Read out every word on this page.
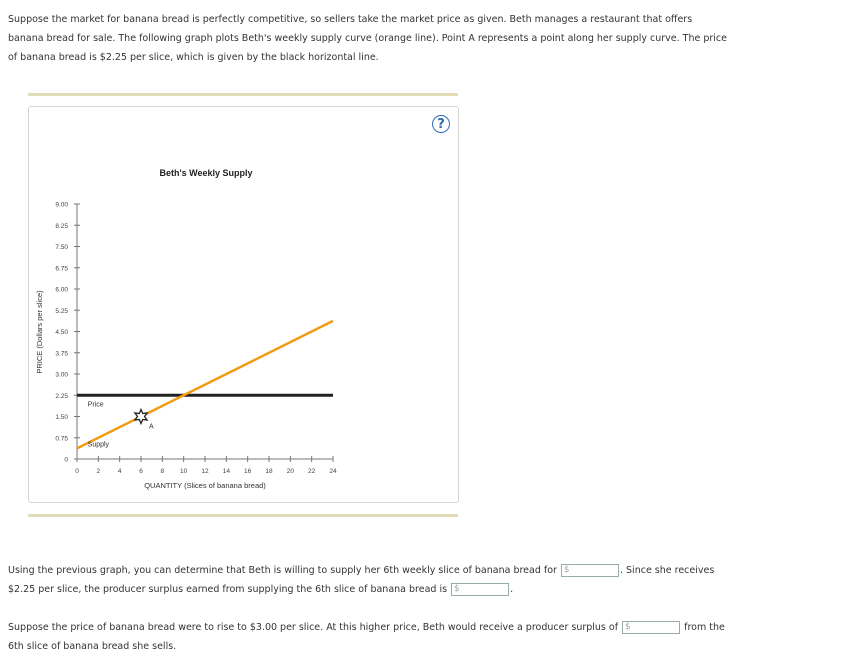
Suppose the market for banana bread is perfectly competitive, so sellers take the market price as given. Beth manages a restaurant that offers

banana bread for sale. The following graph plots Beth's weekly supply curve (orange line). Point A represents a point along her supply curve. The price

of banana bread is $2.25 per slice, which is given by the black horizontal line.

?
Beth's Weekly Supply
0
0.75
1.50
2.25
3.00
3.75
4.50
5.25
6.00
6.75
7.50
8.25
9.00
0	2	4	6	8 10 12 14 16 18 20 22 24
QUANTITY (Slices of banana bread)
PRICE (Dollars per slice)
Price
Supply
A

Using the previous graph, you can determine that Beth is willing to supply her 6th weekly slice of banana bread for $	. Since she receives

$2.25 per slice, the producer surplus earned from supplying the 6th slice of banana bread is $	.

Suppose the price of banana bread were to rise to $3.00 per slice. At this higher price, Beth would receive a producer surplus of $	from the

6th slice of banana bread she sells.
